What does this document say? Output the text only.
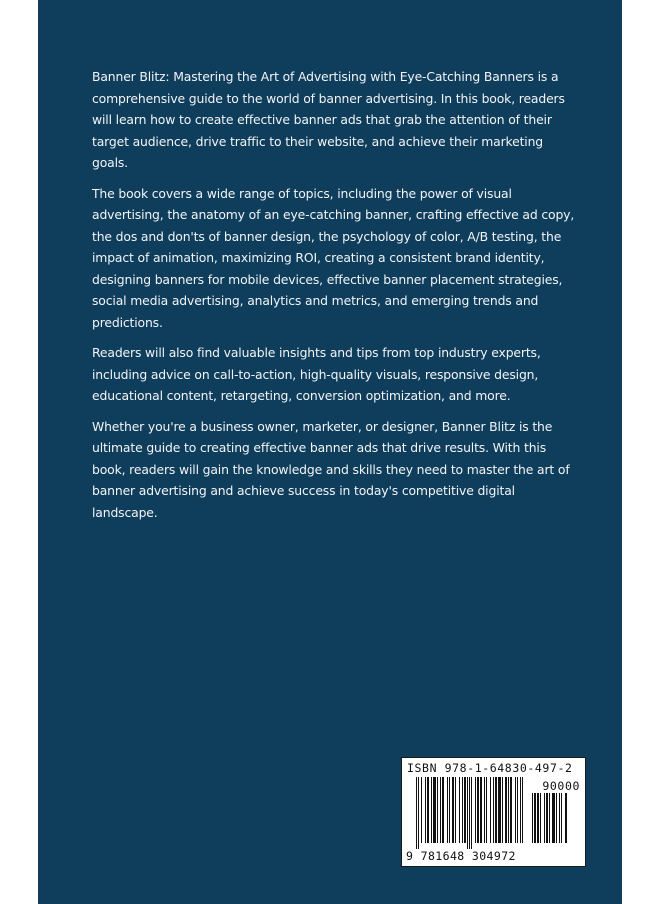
Banner Blitz: Mastering the Art of Advertising with Eye-Catching Banners is a comprehensive guide to the world of banner advertising. In this book, readers will learn how to create effective banner ads that grab the attention of their target audience, drive traffic to their website, and achieve their marketing goals.

The book covers a wide range of topics, including the power of visual advertising, the anatomy of an eye-catching banner, crafting effective ad copy, the dos and don'ts of banner design, the psychology of color, A/B testing, the impact of animation, maximizing ROI, creating a consistent brand identity, designing banners for mobile devices, effective banner placement strategies, social media advertising, analytics and metrics, and emerging trends and predictions.

Readers will also find valuable insights and tips from top industry experts, including advice on call-to-action, high-quality visuals, responsive design, educational content, retargeting, conversion optimization, and more.

Whether you're a business owner, marketer, or designer, Banner Blitz is the ultimate guide to creating effective banner ads that drive results. With this book, readers will gain the knowledge and skills they need to master the art of banner advertising and achieve success in today's competitive digital landscape.

ISBN 978-1-64830-497-2
90000
9 781648 304972
